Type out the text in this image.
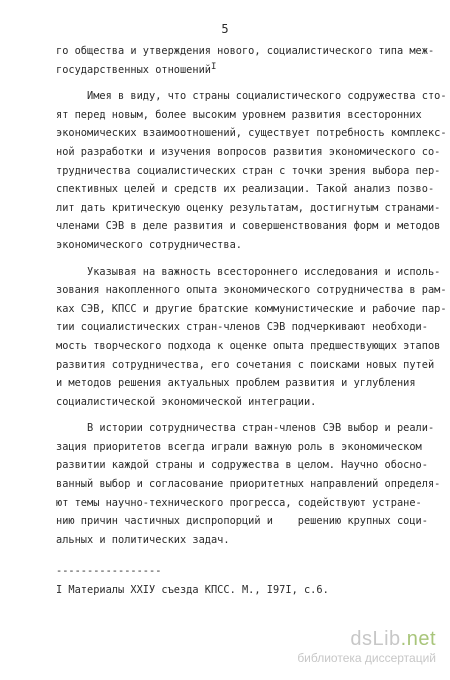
5
го общества и утверждения нового, социалистического типа меж-
государственных отношений$^I$
Имея в виду, что страны социалистического содружества сто-
ят перед новым, более высоким уровнем развития всесторонних
экономических взаимоотношений, существует потребность комплекс-
ной разработки и изучения вопросов развития экономического со-
трудничества социалистических стран с точки зрения выбора пер-
спективных целей и средств их реализации. Такой анализ позво-
лит дать критическую оценку результатам, достигнутым странами-
членами СЭВ в деле развития и совершенствования форм и методов
экономического сотрудничества.
Указывая на важность всестороннего исследования и исполь-
зования накопленного опыта экономического сотрудничества в рам-
ках СЭВ, КПСС и другие братские коммунистические и рабочие пар-
тии социалистических стран-членов СЭВ подчеркивают необходи-
мость творческого подхода к оценке опыта предшествующих этапов
развития сотрудничества, его сочетания с поисками новых путей
и методов решения актуальных проблем развития и углубления
социалистической экономической интеграции.
В истории сотрудничества стран-членов СЭВ выбор и реали-
зация приоритетов всегда играли важную роль в экономическом
развитии каждой страны и содружества в целом. Научно обосно-
ванный выбор и согласование приоритетных направлений определя-
ют темы научно-технического прогресса, содействуют устране-
нию причин частичных диспропорций и    решению крупных соци-
альных и политических задач.
-----------------
I Материалы XXIУ съезда КПСС. М., I97I, с.6.
dsLib.net
библиотека диссертаций
